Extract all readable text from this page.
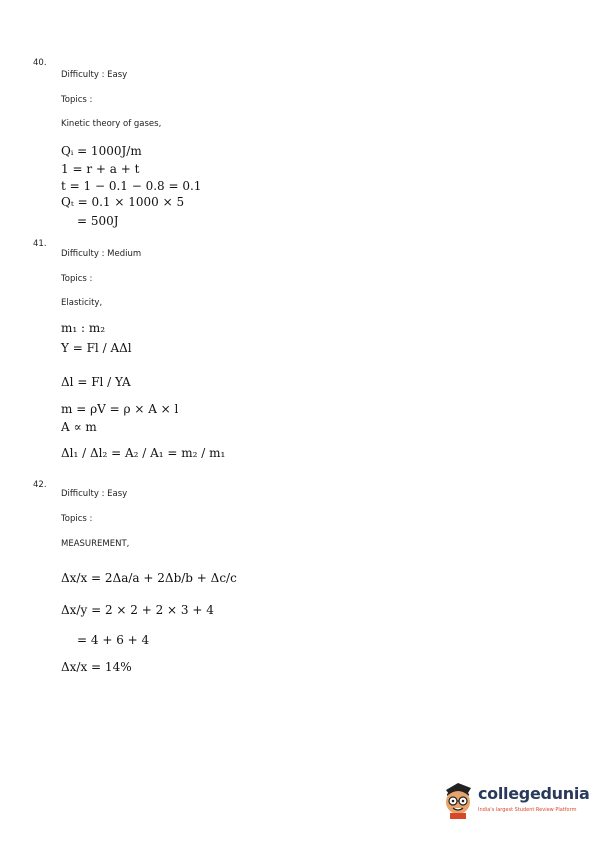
40.
Difficulty : Easy
Topics :
Kinetic theory of gases,
Qᵢ = 1000J/m
1 = r + a + t
t = 1 − 0.1 − 0.8 = 0.1
Qₜ = 0.1 × 1000 × 5
= 500J
41.
Difficulty : Medium
Topics :
Elasticity,
m₁ : m₂
Y = Fl / AΔl
Δl = Fl / YA
m = ρV = ρ × A × l
A ∝ m
Δl₁ / Δl₂ = A₂ / A₁ = m₂ / m₁
42.
Difficulty : Easy
Topics :
MEASUREMENT,
Δx/x = 2Δa/a + 2Δb/b + Δc/c
Δx/y = 2 × 2 + 2 × 3 + 4
= 4 + 6 + 4
Δx/x = 14%
collegedunia
India's largest Student Review Platform
